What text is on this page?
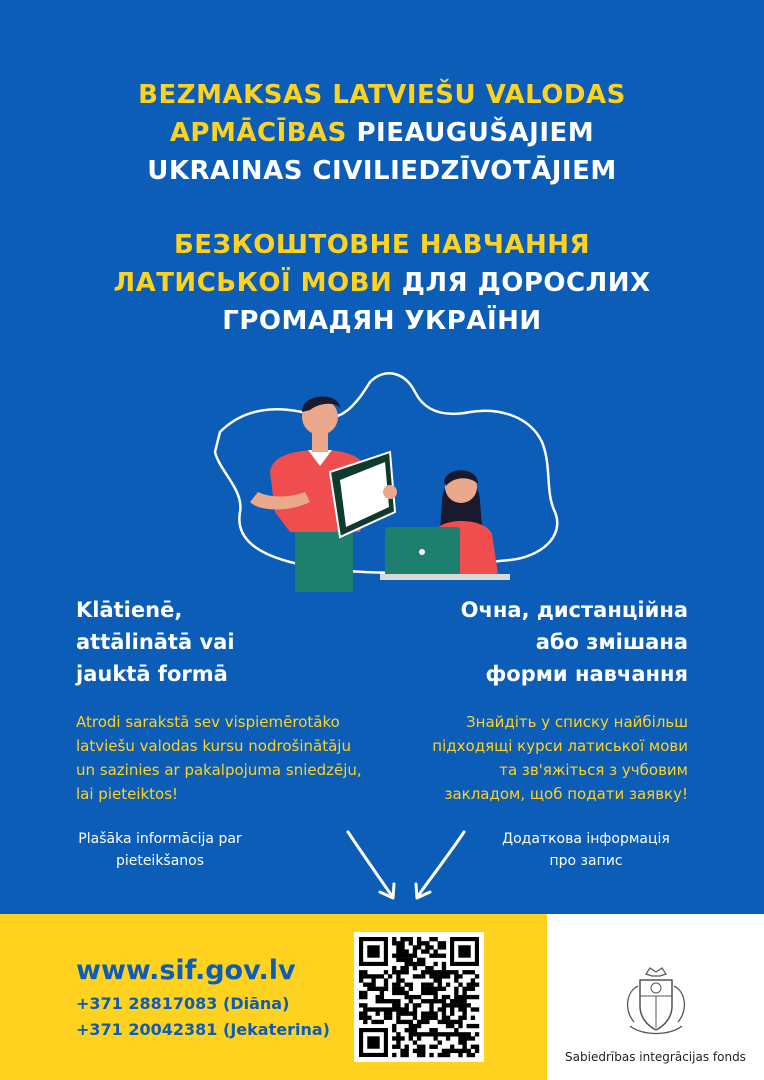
BEZMAKSAS LATVIEŠU VALODAS
APMĀCĪBAS PIEAUGUŠAJIEM
UKRAINAS CIVILIEDZĪVOTĀJIEM
БЕЗКОШТОВНЕ НАВЧАННЯ
ЛАТИСЬКОЇ МОВИ ДЛЯ ДОРОСЛИХ
ГРОМАДЯН УКРАЇНИ
Klātienē,
attālinātā vai
jauktā formā
Очна, дистанційна
або змішана
форми навчання
Atrodi sarakstā sev vispiemērotāko
latviešu valodas kursu nodrošinātāju
un sazinies ar pakalpojuma sniedzēju,
lai pieteiktos!
Знайдіть у списку найбільш
підходящі курси латиської мови
та зв'яжіться з учбовим
закладом, щоб подати заявку!
Plašāka informācija par
pieteikšanos
Додаткова інформація
про запис
www.sif.gov.lv
+371 28817083 (Diāna)
+371 20042381 (Jekaterina)
Sabiedrības integrācijas fonds
